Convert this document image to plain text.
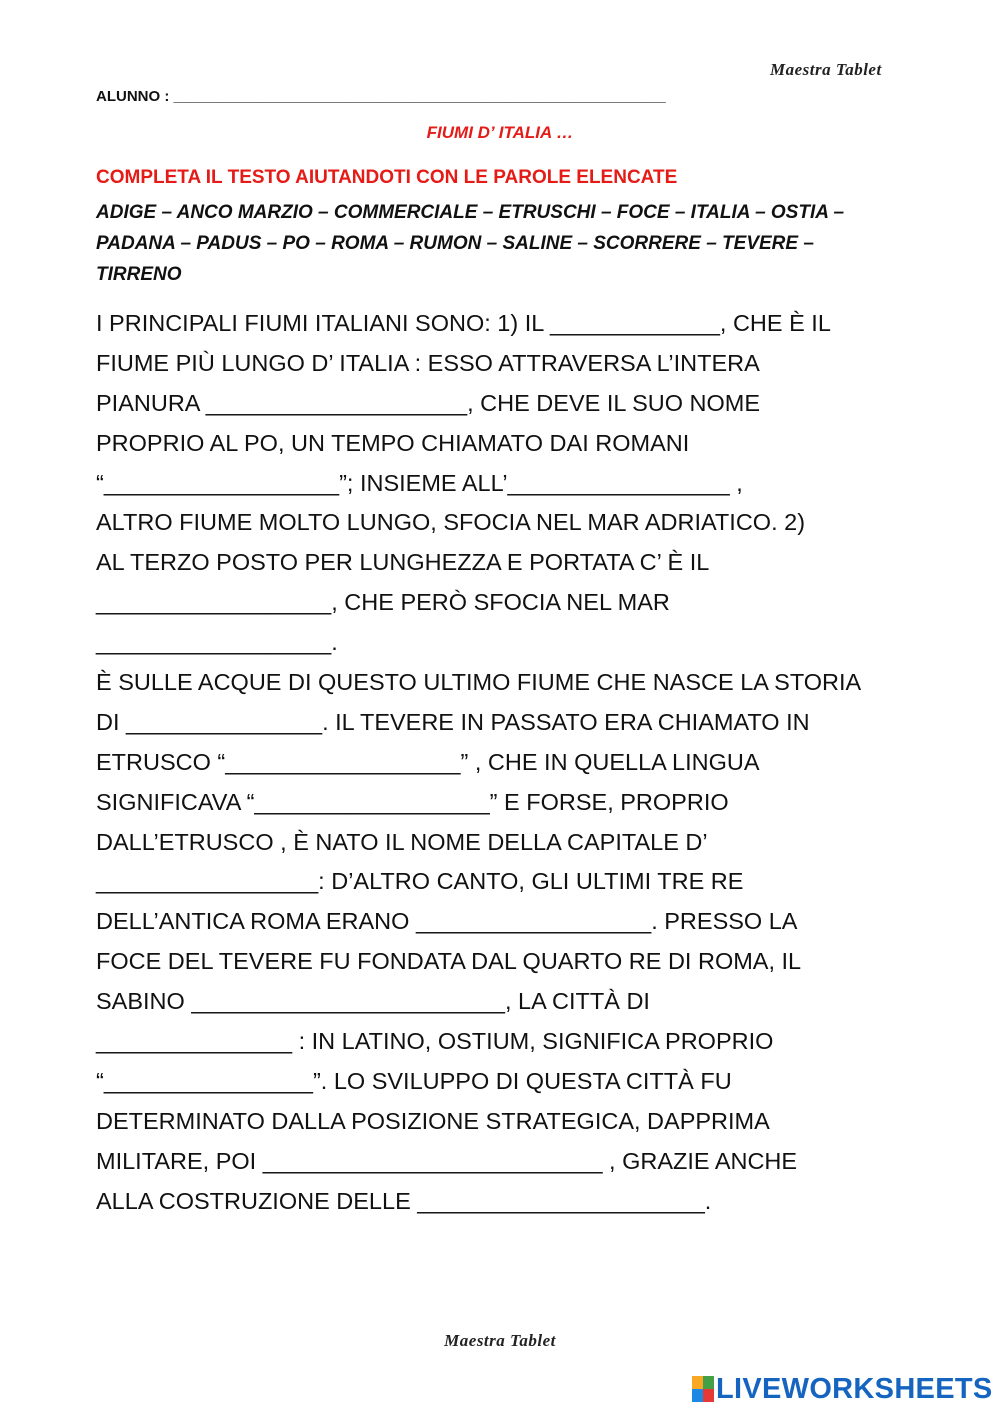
Maestra Tablet
ALUNNO : ___________________________________________________________
FIUMI D’ ITALIA …
COMPLETA IL TESTO AIUTANDOTI CON LE PAROLE ELENCATE

ADIGE – ANCO MARZIO – COMMERCIALE – ETRUSCHI – FOCE – ITALIA – OSTIA –

PADANA – PADUS – PO – ROMA – RUMON – SALINE – SCORRERE – TEVERE –

TIRRENO

I PRINCIPALI FIUMI ITALIANI SONO: 1) IL _____________, CHE È IL
FIUME PIÙ LUNGO D’ ITALIA : ESSO ATTRAVERSA L’INTERA
PIANURA ____________________, CHE DEVE IL SUO NOME
PROPRIO AL PO, UN TEMPO CHIAMATO DAI ROMANI
“__________________”; INSIEME ALL’_________________ ,
ALTRO FIUME MOLTO LUNGO, SFOCIA NEL MAR ADRIATICO. 2)
AL TERZO POSTO PER LUNGHEZZA E PORTATA C’ È IL
__________________, CHE PERÒ SFOCIA NEL MAR
__________________.
È SULLE ACQUE DI QUESTO ULTIMO FIUME CHE NASCE LA STORIA
DI _______________. IL TEVERE IN PASSATO ERA CHIAMATO IN
ETRUSCO “__________________” , CHE IN QUELLA LINGUA
SIGNIFICAVA “__________________” E FORSE, PROPRIO
DALL’ETRUSCO , È NATO IL NOME DELLA CAPITALE D’
_________________: D’ALTRO CANTO, GLI ULTIMI TRE RE
DELL’ANTICA ROMA ERANO __________________. PRESSO LA
FOCE DEL TEVERE FU FONDATA DAL QUARTO RE DI ROMA, IL
SABINO ________________________, LA CITTÀ DI
_______________ : IN LATINO, OSTIUM, SIGNIFICA PROPRIO
“________________”. LO SVILUPPO DI QUESTA CITTÀ FU
DETERMINATO DALLA POSIZIONE STRATEGICA, DAPPRIMA
MILITARE, POI __________________________ , GRAZIE ANCHE
ALLA COSTRUZIONE DELLE ______________________.
Maestra Tablet
LIVEWORKSHEETS
